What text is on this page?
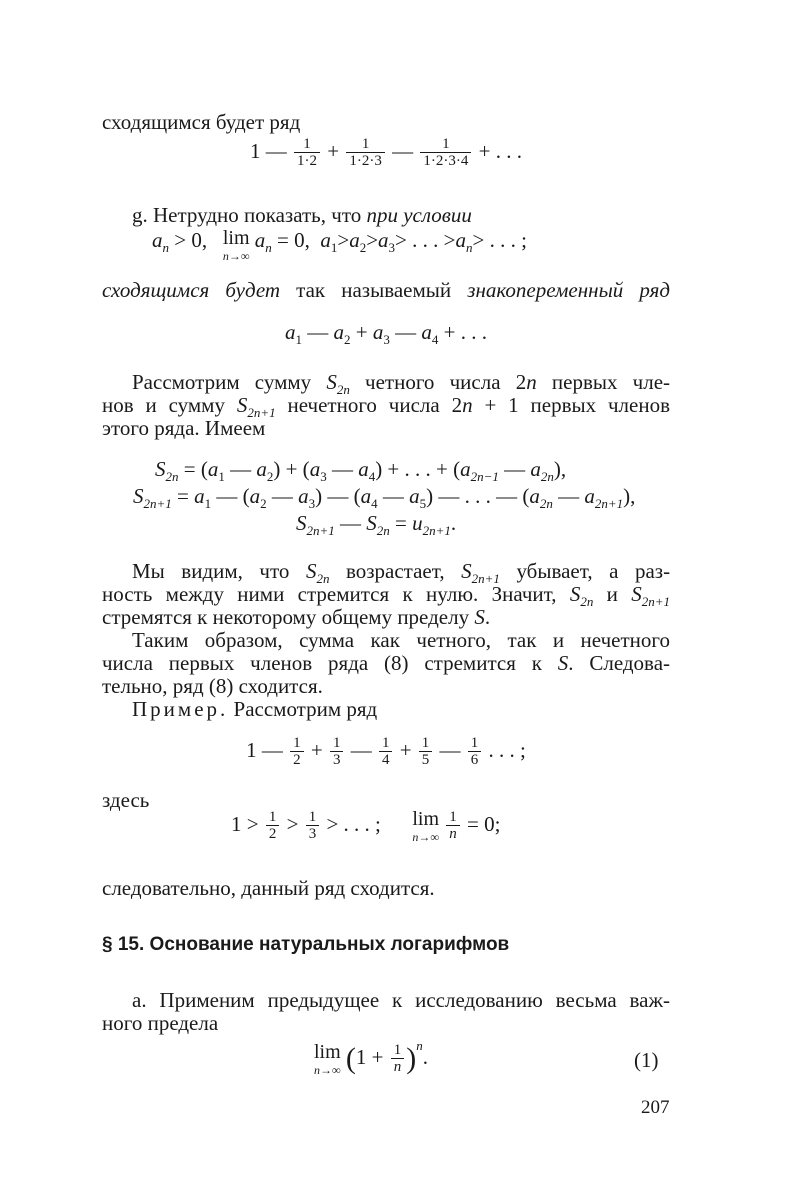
сходящимся будет ряд
1 — $\frac{1}{1\cdot 2} + \frac{1}{1\cdot 2\cdot 3}$ — $\frac{1}{1\cdot 2\cdot 3\cdot 4}$ + . . .
g. Нетрудно показать, что при условии
$a_n > 0$, lim
n→∞
$a_n = 0$,  $a_1>a_2>a_3>$ . . . $>a_n>$ . . . ;
сходящимся будет так называемый знакопеременный ряд
$a_1$ — $a_2 + a_3$ — $a_4$ + . . .
Рассмотрим сумму $S_{2n}$ четного числа 2n первых чле-
нов и сумму $S_{2n+1}$ нечетного числа 2n + 1 первых членов
этого ряда. Имеем
$S_{2n} = (a_1$ — $a_2) + (a_3$ — $a_4$) + . . . + ($a_{2n-1}$ — $a_{2n}$),
$S_{2n+1} = a_1$ — ($a_2$ — $a_3$) — ($a_4$ — $a_5$) — . . . — ($a_{2n}$ — $a_{2n+1}$),
$S_{2n+1}$ — $S_{2n} = u_{2n+1}$.
Мы видим, что $S_{2n}$ возрастает, $S_{2n+1}$ убывает, а раз-
ность между ними стремится к нулю. Значит, $S_{2n}$ и $S_{2n+1}$
стремятся к некоторому общему пределу S.
Таким образом, сумма как четного, так и нечетного
числа первых членов ряда (8) стремится к S. Следова-
тельно, ряд (8) сходится.
Пример. Рассмотрим ряд
1 — $\frac{1}{2} + \frac{1}{3}$ — $\frac{1}{4} + \frac{1}{5}$ — $\frac{1}{6}$ . . . ;
здесь
$1 > \frac{1}{2} > \frac{1}{3}$ > . . . ; lim
n→∞
$\frac{1}{n} = 0$;
следовательно, данный ряд сходится.
§ 15. Основание натуральных логарифмов
a. Применим предыдущее к исследованию весьма важ-
ного предела
lim
n→∞ $(1 + \frac{1}{n} )^n$.	(1)
207
